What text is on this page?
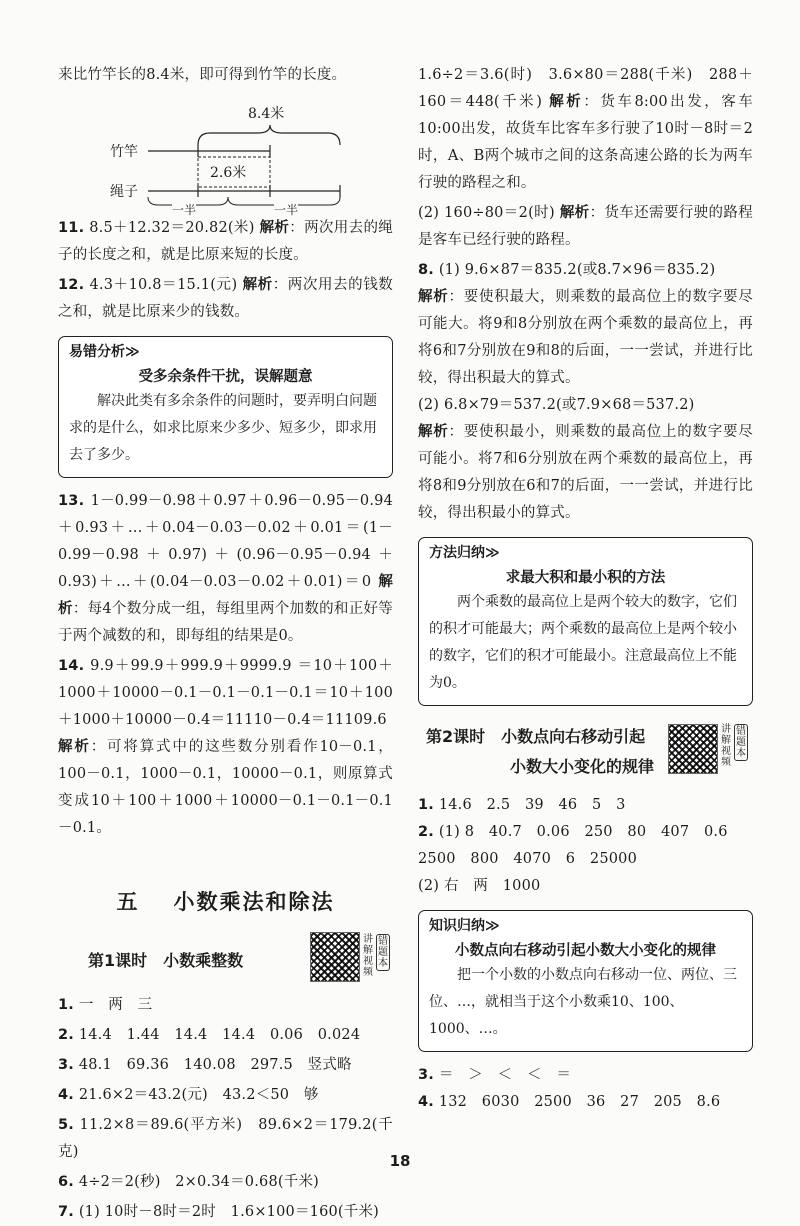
来比竹竿长的8.4米，即可得到竹竿的长度。

8.4米
2.6米
竹竿
绳子
一半	一半

11. 8.5＋12.32＝20.82(米) 解析：两次用去的绳子的长度之和，就是比原来短的长度。

12. 4.3＋10.8＝15.1(元) 解析：两次用去的钱数之和，就是比原来少的钱数。

易错分析≫
受多余条件干扰，误解题意

解决此类有多余条件的问题时，要弄明白问题求的是什么，如求比原来少多少、短多少，即求用去了多少。

13. 1－0.99－0.98＋0.97＋0.96－0.95－0.94＋0.93＋…＋0.04－0.03－0.02＋0.01＝(1－0.99－0.98＋0.97)＋(0.96－0.95－0.94＋0.93)＋…＋(0.04－0.03－0.02＋0.01)＝0 解析：每4个数分成一组，每组里两个加数的和正好等于两个减数的和，即每组的结果是0。

14. 9.9＋99.9＋999.9＋9999.9 ＝10＋100＋1000＋10000－0.1－0.1－0.1－0.1＝10＋100＋1000＋10000－0.4＝11110－0.4＝11109.6

解析：可将算式中的这些数分别看作10－0.1，100－0.1，1000－0.1，10000－0.1，则原算式变成10＋100＋1000＋10000－0.1－0.1－0.1－0.1。

五 小数乘法和除法
第1课时　小数乘整数
讲解视频
错题本

1. 一　两　三

2. 14.4　1.44　14.4　14.4　0.06　0.024

3. 48.1　69.36　140.08　297.5　竖式略

4. 21.6×2＝43.2(元)　43.2＜50　够

5. 11.2×8＝89.6(平方米)　89.6×2＝179.2(千克)

6. 4÷2＝2(秒)　2×0.34＝0.68(千米)

7. (1) 10时－8时＝2时　1.6×100＝160(千米)

1.6÷2＝3.6(时)　3.6×80＝288(千米)　288＋160＝448(千米) 解析：货车8:00出发，客车10:00出发，故货车比客车多行驶了10时－8时＝2时，A、B两个城市之间的这条高速公路的长为两车行驶的路程之和。

(2) 160÷80＝2(时) 解析：货车还需要行驶的路程是客车已经行驶的路程。

8. (1) 9.6×87＝835.2(或8.7×96＝835.2)

解析：要使积最大，则乘数的最高位上的数字要尽可能大。将9和8分别放在两个乘数的最高位上，再将6和7分别放在9和8的后面，一一尝试，并进行比较，得出积最大的算式。

(2) 6.8×79＝537.2(或7.9×68＝537.2)

解析：要使积最小，则乘数的最高位上的数字要尽可能小。将7和6分别放在两个乘数的最高位上，再将8和9分别放在6和7的后面，一一尝试，并进行比较，得出积最小的算式。

方法归纳≫
求最大积和最小积的方法

两个乘数的最高位上是两个较大的数字，它们的积才可能最大；两个乘数的最高位上是两个较小的数字，它们的积才可能最小。注意最高位上不能为0。

第2课时　小数点向右移动引起
小数大小变化的规律
讲解视频
错题本

1. 14.6　2.5　39　46　5　3

2. (1) 8　40.7　0.06　250　80　407　0.6

2500　800　4070　6　25000

(2) 右　两　1000

知识归纳≫
小数点向右移动引起小数大小变化的规律

把一个小数的小数点向右移动一位、两位、三位、…，就相当于这个小数乘10、100、1000、…。

3. ＝　＞　＜　＜　＝

4. 132　6030　2500　36　27　205　8.6

18
